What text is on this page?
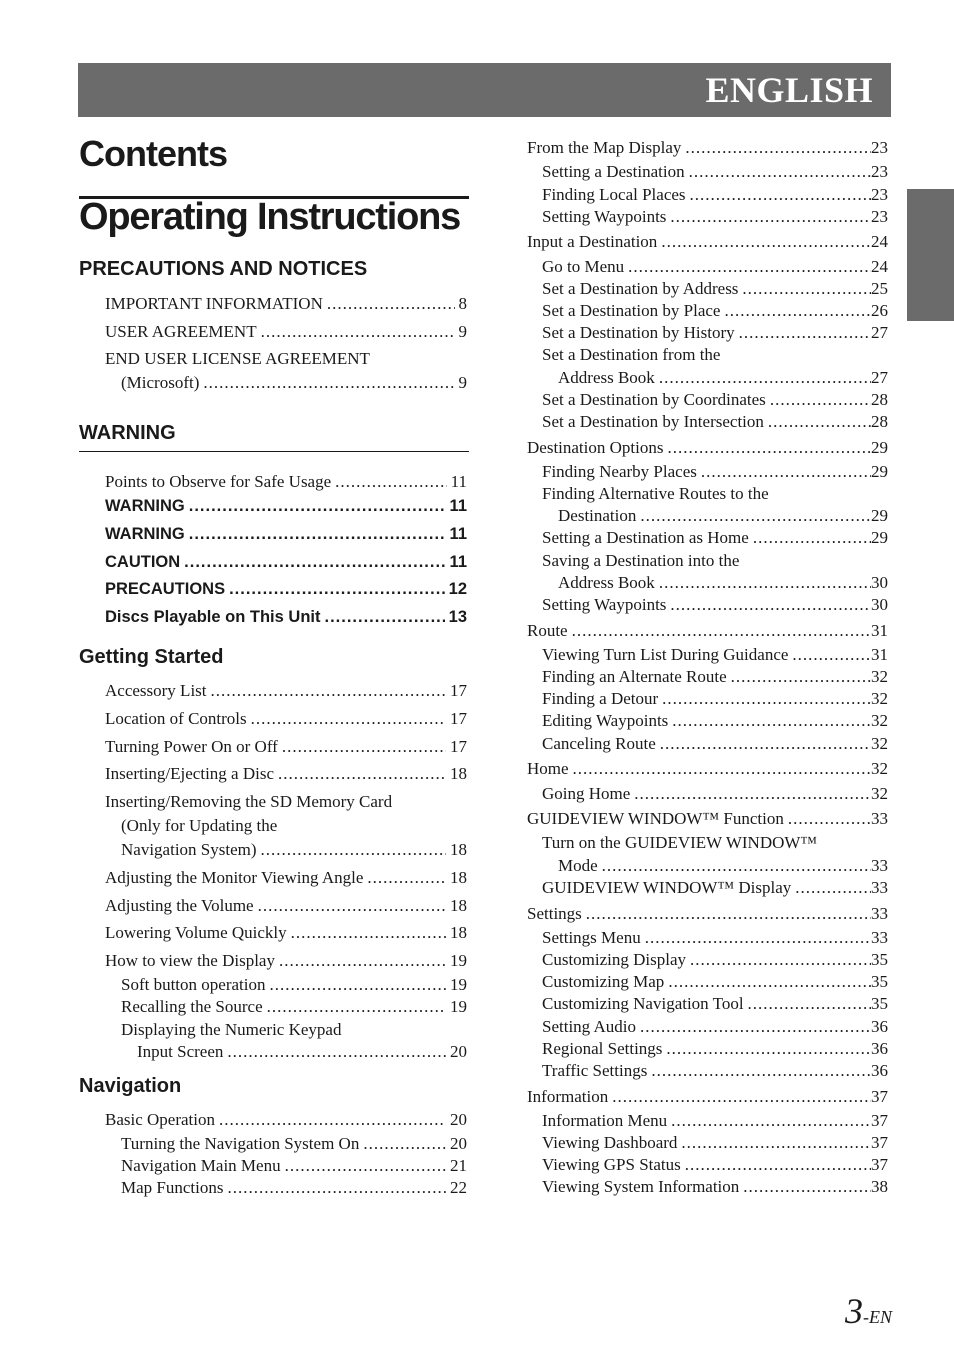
ENGLISH
Contents
Operating Instructions
PRECAUTIONS AND NOTICES
IMPORTANT INFORMATION .....	8
USER AGREEMENT .....	9
END USER LICENSE AGREEMENT
(Microsoft) .....	9
WARNING
Points to Observe for Safe Usage .....	11
WARNING .....	11
WARNING .....	11
CAUTION .....	11
PRECAUTIONS .....	12
Discs Playable on This Unit .....	13
Getting Started
Accessory List .....	17
Location of Controls .....	17
Turning Power On or Off .....	17
Inserting/Ejecting a Disc .....	18
Inserting/Removing the SD Memory Card
(Only for Updating the
Navigation System) .....	18
Adjusting the Monitor Viewing Angle .....	18
Adjusting the Volume .....	18
Lowering Volume Quickly .....	18
How to view the Display .....	19
Soft button operation .....	19
Recalling the Source .....	19
Displaying the Numeric Keypad
Input Screen .....	20
Navigation
Basic Operation .....	20
Turning the Navigation System On .....	20
Navigation Main Menu .....	21
Map Functions .....	22
From the Map Display .....	23
Setting a Destination .....	23
Finding Local Places .....	23
Setting Waypoints .....	23
Input a Destination .....	24
Go to Menu .....	24
Set a Destination by Address .....	25
Set a Destination by Place .....	26
Set a Destination by History .....	27
Set a Destination from the
Address Book .....	27
Set a Destination by Coordinates .....	28
Set a Destination by Intersection .....	28
Destination Options .....	29
Finding Nearby Places .....	29
Finding Alternative Routes to the
Destination .....	29
Setting a Destination as Home .....	29
Saving a Destination into the
Address Book .....	30
Setting Waypoints .....	30
Route .....	31
Viewing Turn List During Guidance .....	31
Finding an Alternate Route .....	32
Finding a Detour .....	32
Editing Waypoints .....	32
Canceling Route .....	32
Home .....	32
Going Home .....	32
GUIDEVIEW WINDOW™ Function .....	33
Turn on the GUIDEVIEW WINDOW™
Mode .....	33
GUIDEVIEW WINDOW™ Display .....	33
Settings .....	33
Settings Menu .....	33
Customizing Display .....	35
Customizing Map .....	35
Customizing Navigation Tool .....	35
Setting Audio .....	36
Regional Settings .....	36
Traffic Settings .....	36
Information .....	37
Information Menu .....	37
Viewing Dashboard .....	37
Viewing GPS Status .....	37
Viewing System Information .....	38
3-EN
